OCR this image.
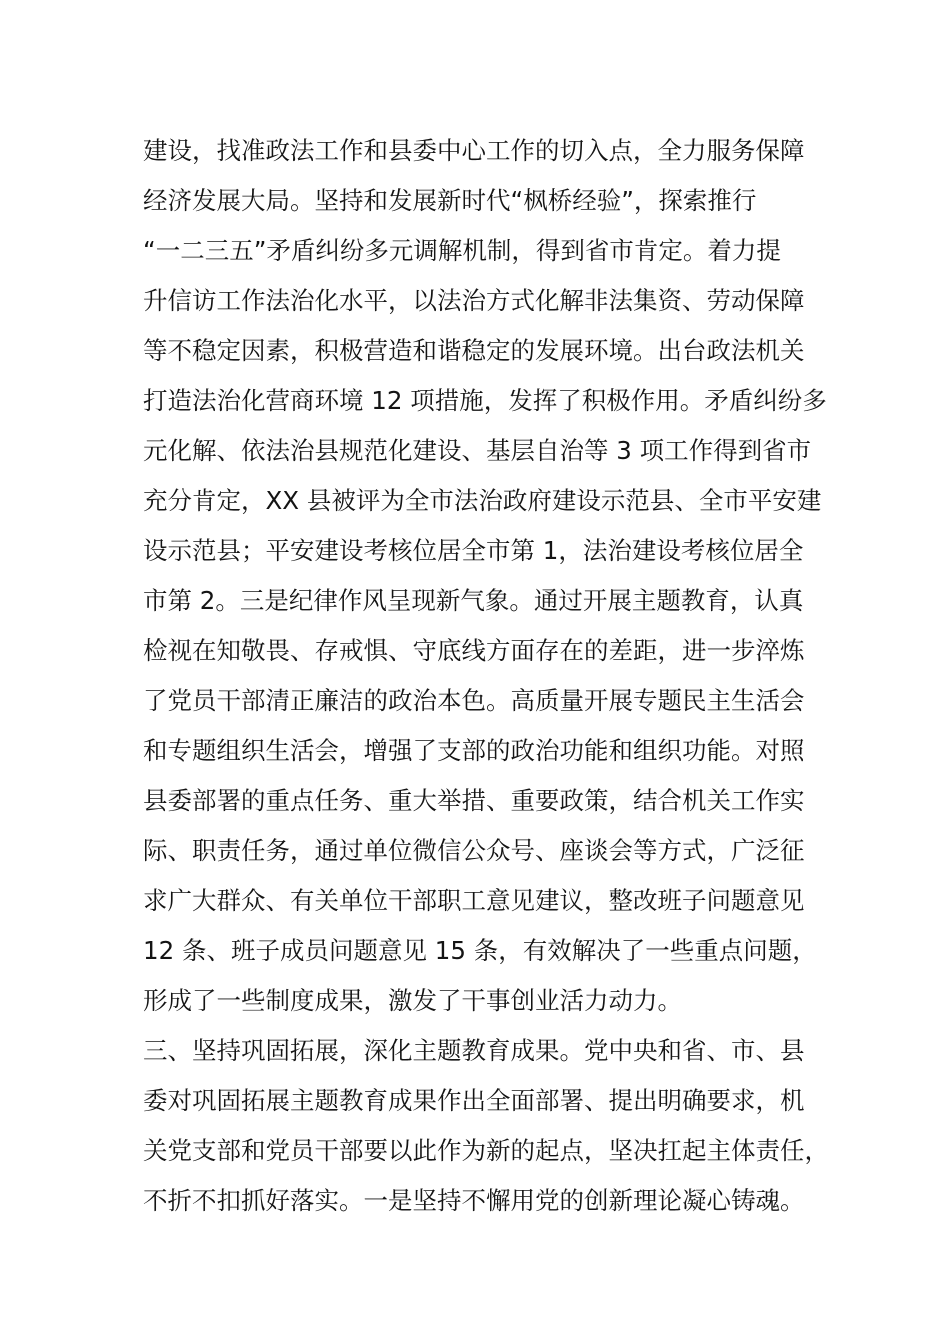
建设，找准政法工作和县委中心工作的切入点，全力服务保障
经济发展大局。坚持和发展新时代“枫桥经验”，探索推行
“一二三五”矛盾纠纷多元调解机制，得到省市肯定。着力提
升信访工作法治化水平，以法治方式化解非法集资、劳动保障
等不稳定因素，积极营造和谐稳定的发展环境。出台政法机关
打造法治化营商环境 12 项措施，发挥了积极作用。矛盾纠纷多
元化解、依法治县规范化建设、基层自治等 3 项工作得到省市
充分肯定，XX 县被评为全市法治政府建设示范县、全市平安建
设示范县；平安建设考核位居全市第 1，法治建设考核位居全
市第 2。三是纪律作风呈现新气象。通过开展主题教育，认真
检视在知敬畏、存戒惧、守底线方面存在的差距，进一步淬炼
了党员干部清正廉洁的政治本色。高质量开展专题民主生活会
和专题组织生活会，增强了支部的政治功能和组织功能。对照
县委部署的重点任务、重大举措、重要政策，结合机关工作实
际、职责任务，通过单位微信公众号、座谈会等方式，广泛征
求广大群众、有关单位干部职工意见建议，整改班子问题意见
12 条、班子成员问题意见 15 条，有效解决了一些重点问题，
形成了一些制度成果，激发了干事创业活力动力。
三、坚持巩固拓展，深化主题教育成果。党中央和省、市、县
委对巩固拓展主题教育成果作出全面部署、提出明确要求，机
关党支部和党员干部要以此作为新的起点，坚决扛起主体责任，
不折不扣抓好落实。一是坚持不懈用党的创新理论凝心铸魂。
